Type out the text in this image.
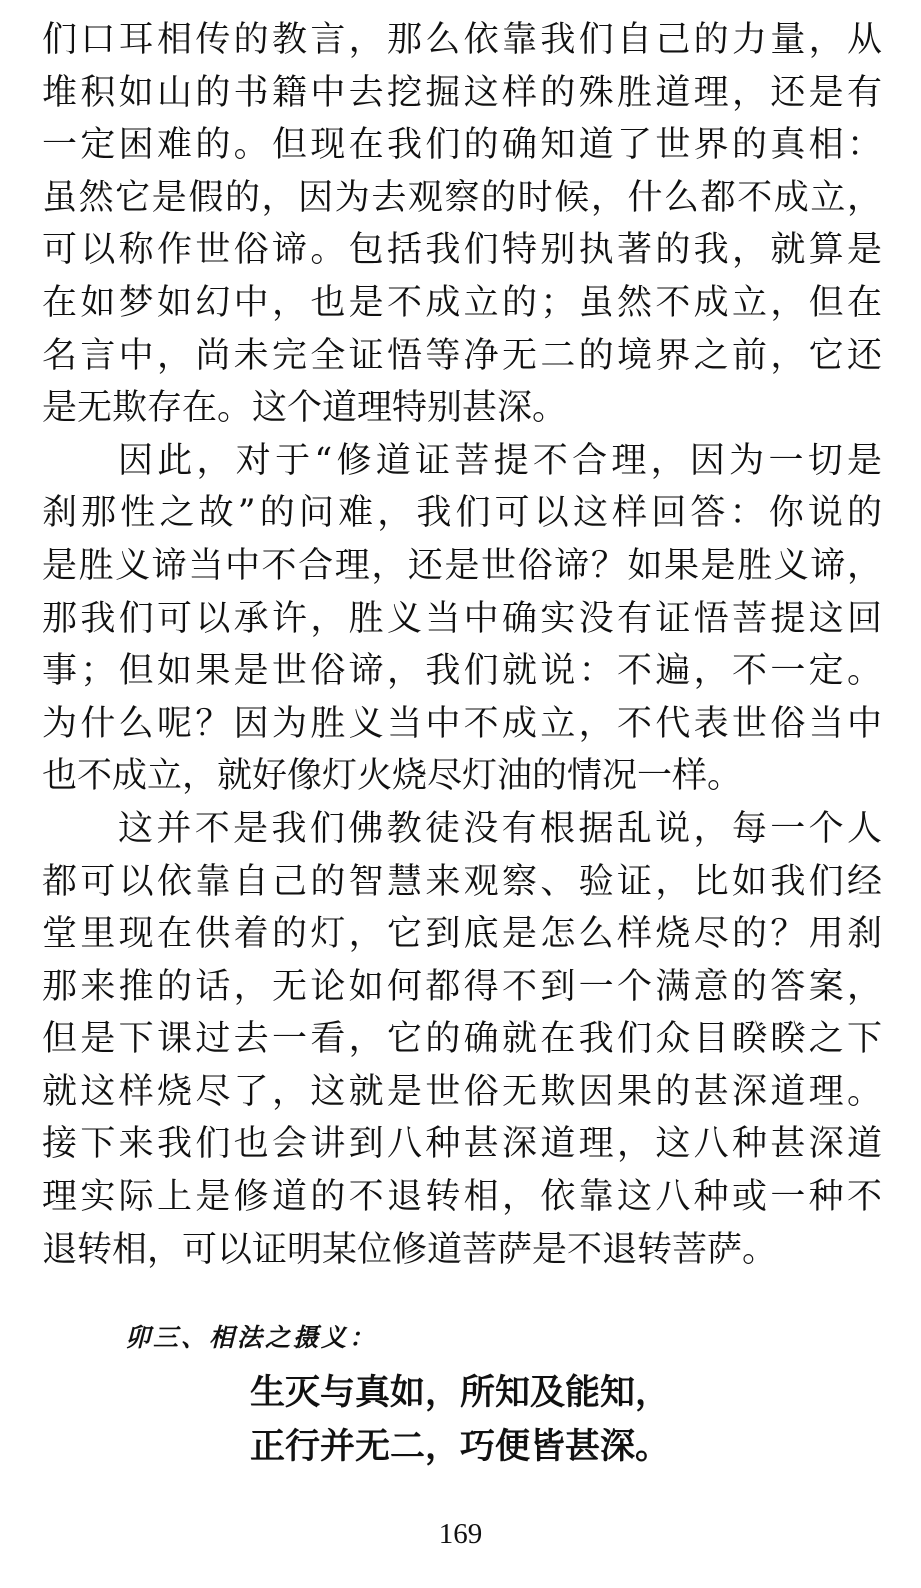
们口耳相传的教言，那么依靠我们自己的力量，从
堆积如山的书籍中去挖掘这样的殊胜道理，还是有
一定困难的。但现在我们的确知道了世界的真相：
虽然它是假的，因为去观察的时候，什么都不成立，
可以称作世俗谛。包括我们特别执著的我，就算是
在如梦如幻中，也是不成立的；虽然不成立，但在
名言中，尚未完全证悟等净无二的境界之前，它还
是无欺存在。这个道理特别甚深。
因此，对于“修道证菩提不合理，因为一切是
刹那性之故”的问难，我们可以这样回答：你说的
是胜义谛当中不合理，还是世俗谛？如果是胜义谛，
那我们可以承许，胜义当中确实没有证悟菩提这回
事；但如果是世俗谛，我们就说：不遍，不一定。
为什么呢？因为胜义当中不成立，不代表世俗当中
也不成立，就好像灯火烧尽灯油的情况一样。
这并不是我们佛教徒没有根据乱说，每一个人
都可以依靠自己的智慧来观察、验证，比如我们经
堂里现在供着的灯，它到底是怎么样烧尽的？用刹
那来推的话，无论如何都得不到一个满意的答案，
但是下课过去一看，它的确就在我们众目睽睽之下
就这样烧尽了，这就是世俗无欺因果的甚深道理。
接下来我们也会讲到八种甚深道理，这八种甚深道
理实际上是修道的不退转相，依靠这八种或一种不
退转相，可以证明某位修道菩萨是不退转菩萨。
卯三、相法之摄义：
生灭与真如，所知及能知，
正行并无二，巧便皆甚深。
169
